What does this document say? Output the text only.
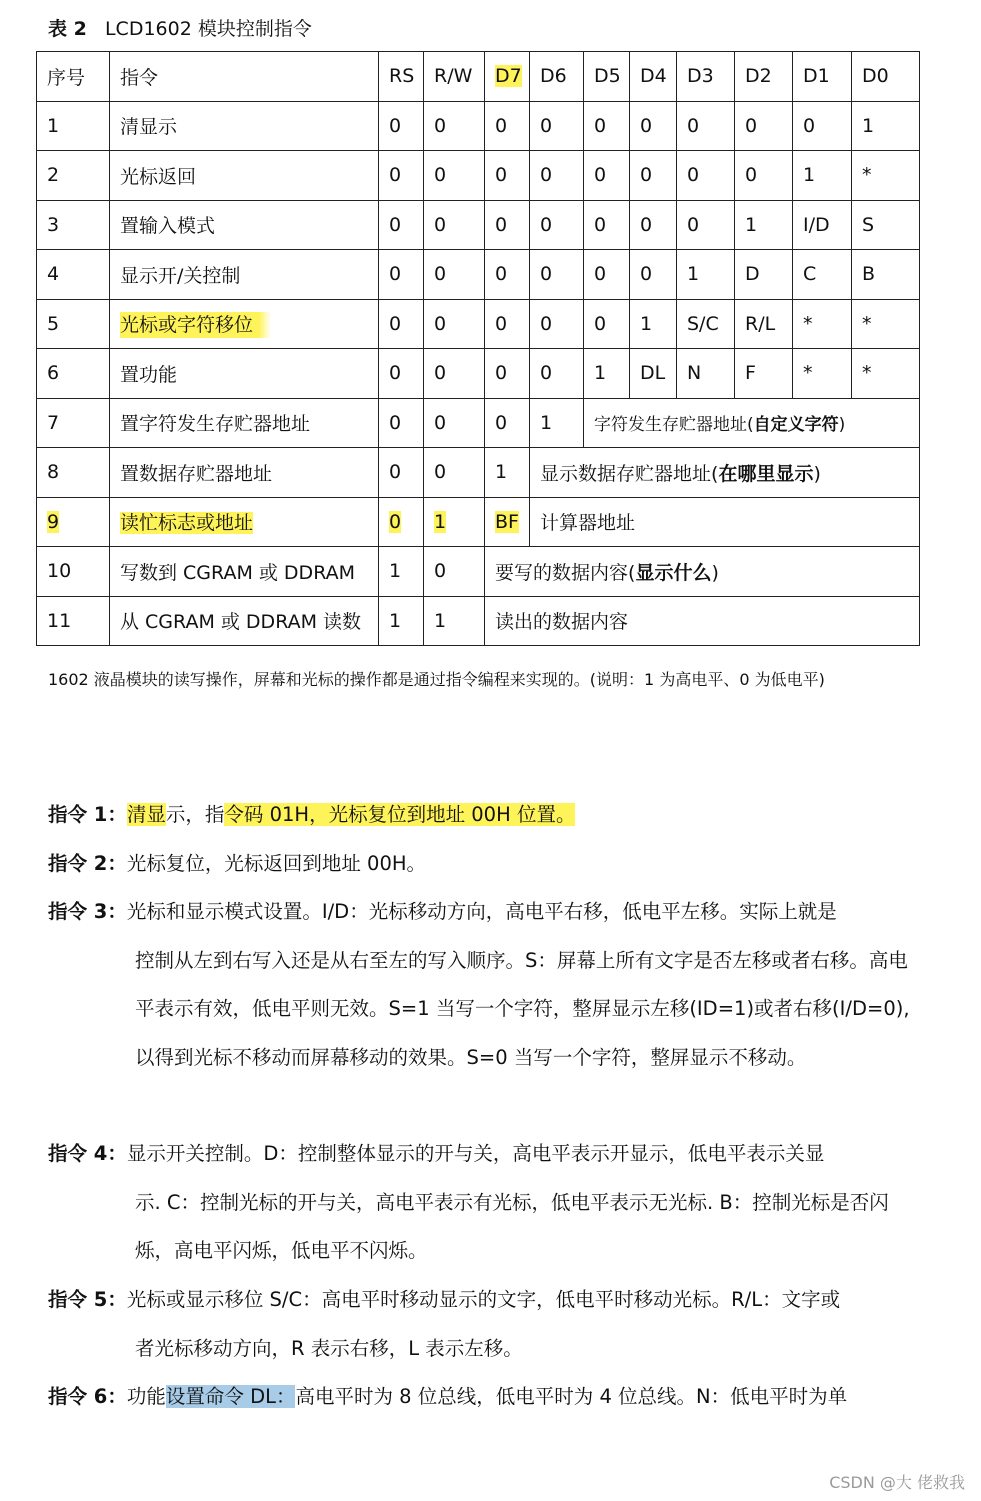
表 2 LCD1602 模块控制指令
序号	指令	RS	R/W	D7	D6	D5	D4	D3	D2	D1	D0
1	清显示	0	0	0	0	0	0	0	0	0	1
2	光标返回	0	0	0	0	0	0	0	0	1	*
3	置输入模式	0	0	0	0	0	0	0	1	I/D	S
4	显示开/关控制	0	0	0	0	0	0	1	D	C	B
5	光标或字符移位	0	0	0	0	0	1	S/C	R/L	*	*
6	置功能	0	0	0	0	1	DL	N	F	*	*
7	置字符发生存贮器地址	0	0	0	1	字符发生存贮器地址(自定义字符)					
8	置数据存贮器地址	0	0	1	显示数据存贮器地址(在哪里显示)						
9	读忙标志或地址	0	1	BF	计算器地址						
10	写数到 CGRAM 或 DDRAM	1	0	要写的数据内容(显示什么)							
11	从 CGRAM 或 DDRAM 读数	1	1	读出的数据内容							
1602 液晶模块的读写操作，屏幕和光标的操作都是通过指令编程来实现的。(说明：1 为高电平、0 为低电平)
指令 1：清显示，指令码 01H，光标复位到地址 00H 位置。
指令 2：光标复位，光标返回到地址 00H。
指令 3：光标和显示模式设置。I/D：光标移动方向，高电平右移，低电平左移。实际上就是
控制从左到右写入还是从右至左的写入顺序。S：屏幕上所有文字是否左移或者右移。高电平表示有效，低电平则无效。S=1 当写一个字符，整屏显示左移(ID=1)或者右移(I/D=0),以得到光标不移动而屏幕移动的效果。S=0 当写一个字符，整屏显示不移动。
指令 4：显示开关控制。D：控制整体显示的开与关，高电平表示开显示，低电平表示关显
示. C：控制光标的开与关，高电平表示有光标，低电平表示无光标. B：控制光标是否闪烁，高电平闪烁，低电平不闪烁。
指令 5：光标或显示移位 S/C：高电平时移动显示的文字，低电平时移动光标。R/L：文字或
者光标移动方向，R 表示右移，L 表示左移。
指令 6：功能设置命令 DL：高电平时为 8 位总线，低电平时为 4 位总线。N：低电平时为单
CSDN @大 佬救我
